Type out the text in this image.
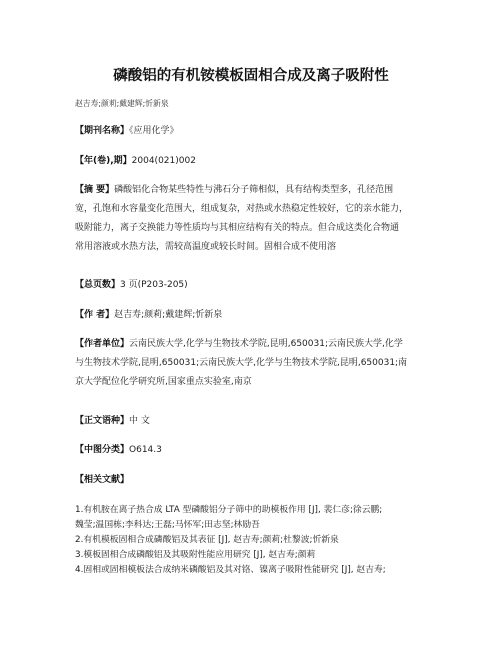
磷酸铝的有机铵模板固相合成及离子吸附性
赵吉寿;颜莉;戴建辉;忻新泉
【期刊名称】《应用化学》
【年(卷),期】2004(021)002
【摘 要】磷酸铝化合物某些特性与沸石分子筛相似，具有结构类型多，孔径范围
宽，孔饱和水容量变化范围大，组成复杂，对热或水热稳定性较好，它的亲水能力，
吸附能力，离子交换能力等性质均与其相应结构有关的特点。但合成这类化合物通
常用溶液或水热方法，需较高温度或较长时间。固相合成不使用溶
【总页数】3 页(P203-205)
【作 者】赵吉寿;颜莉;戴建辉;忻新泉
【作者单位】云南民族大学,化学与生物技术学院,昆明,650031;云南民族大学,化学
与生物技术学院,昆明,650031;云南民族大学,化学与生物技术学院,昆明,650031;南
京大学配位化学研究所,国家重点实验室,南京
【正文语种】中 文
【中图分类】O614.3
【相关文献】
1.有机胺在离子热合成 LTA 型磷酸铝分子筛中的助模板作用 [J], 裴仁彦;徐云鹏;
魏莹;温国栋;李科达;王磊;马怀军;田志坚;林励吾
2.有机模板固相合成磷酸铝及其表征 [J], 赵吉寿;颜莉;杜黎波;忻新泉
3.模板固相合成磷酸铝及其吸附性能应用研究 [J], 赵吉寿;颜莉
4.固相或固相模板法合成纳米磷酸铝及其对铬、镍离子吸附性能研究 [J], 赵吉寿;
